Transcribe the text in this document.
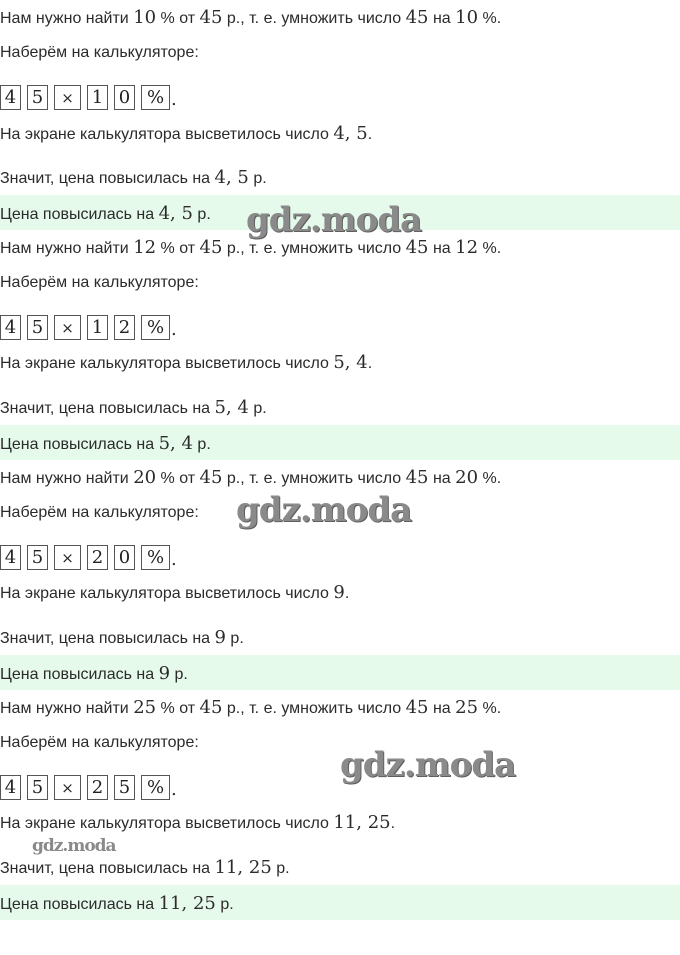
Нам нужно найти 10 % от 45 р., т. е. умножить число 45 на 10 %.
Наберём на калькуляторе:
4 5	× 1 0 % .
На экране калькулятора высветилось число 4, 5.
Значит, цена повысилась на 4, 5 р.
Цена повысилась на 4, 5 р.
Нам нужно найти 12 % от 45 р., т. е. умножить число 45 на 12 %.
Наберём на калькуляторе:
4 5	× 1 2 % .
На экране калькулятора высветилось число 5, 4.
Значит, цена повысилась на 5, 4 р.
Цена повысилась на 5, 4 р.
Нам нужно найти 20 % от 45 р., т. е. умножить число 45 на 20 %.
Наберём на калькуляторе:
4 5	× 2 0 % .
На экране калькулятора высветилось число 9.
Значит, цена повысилась на 9 р.
Цена повысилась на 9 р.
Нам нужно найти 25 % от 45 р., т. е. умножить число 45 на 25 %.
Наберём на калькуляторе:
4 5	× 2 5 % .
На экране калькулятора высветилось число 11, 25.
Значит, цена повысилась на 11, 25 р.
Цена повысилась на 11, 25 р.
gdz.moda
gdz.moda
gdz.moda
gdz.moda
